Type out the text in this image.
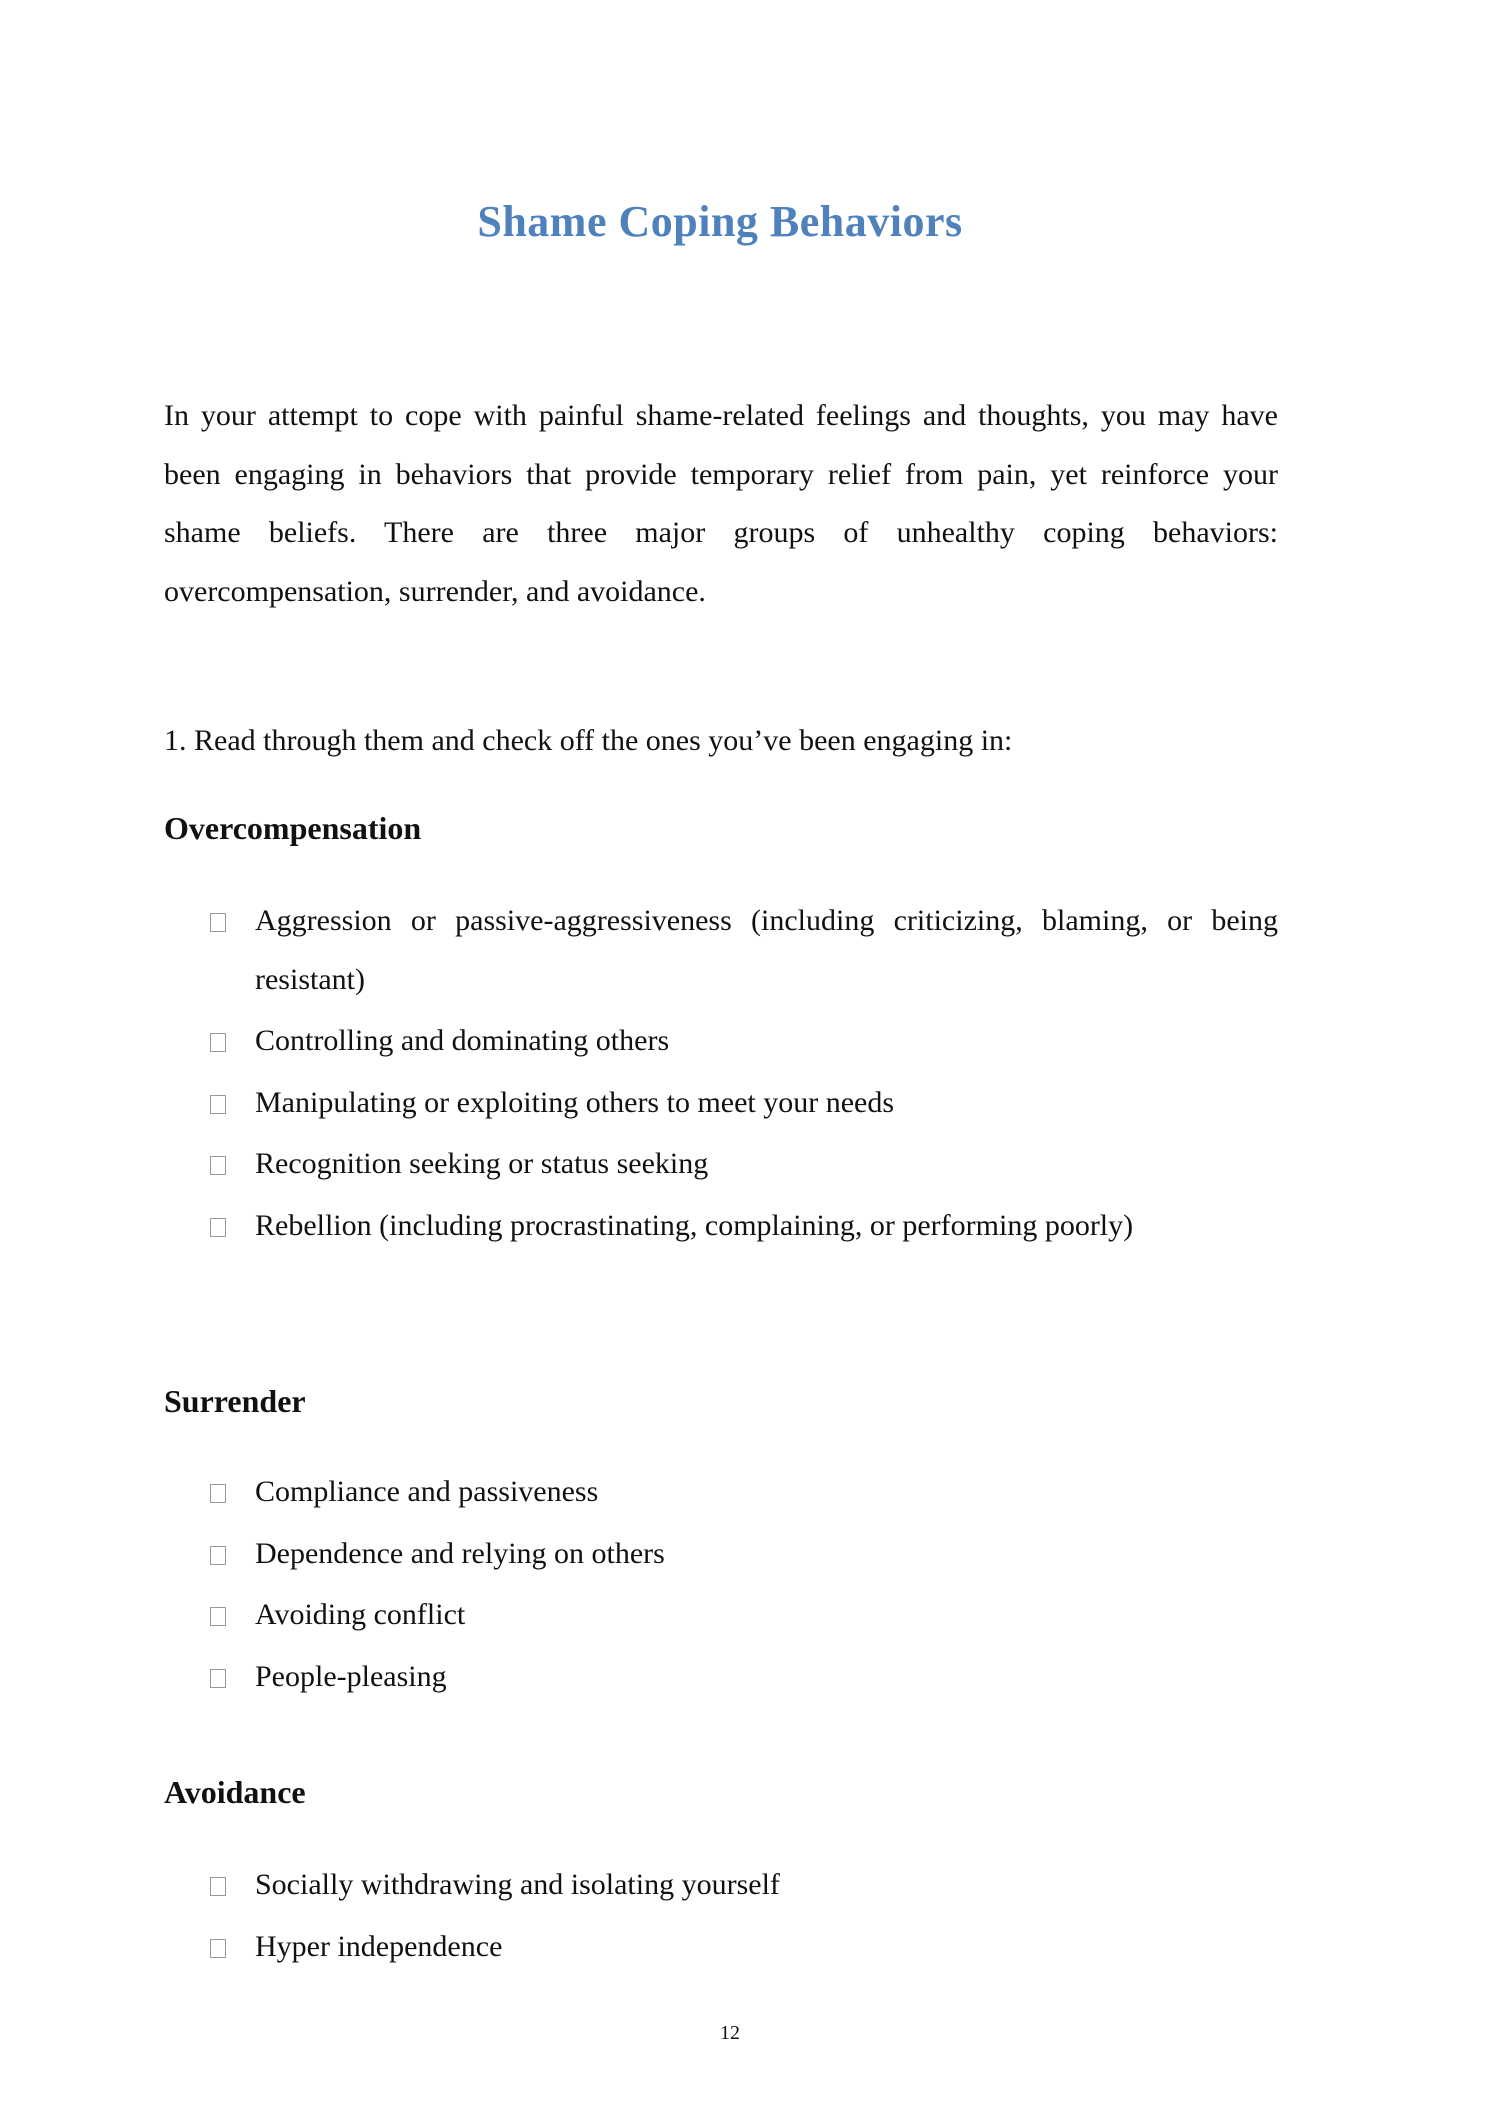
Shame Coping Behaviors
In your attempt to cope with painful shame-related feelings and thoughts, you may have been engaging in behaviors that provide temporary relief from pain, yet reinforce your shame beliefs. There are three major groups of unhealthy coping behaviors: overcompensation, surrender, and avoidance.
1. Read through them and check off the ones you’ve been engaging in:
Overcompensation
Aggression or passive-aggressiveness (including criticizing, blaming, or being resistant)
Controlling and dominating others
Manipulating or exploiting others to meet your needs
Recognition seeking or status seeking
Rebellion (including procrastinating, complaining, or performing poorly)
Surrender
Compliance and passiveness
Dependence and relying on others
Avoiding conflict
People-pleasing
Avoidance
Socially withdrawing and isolating yourself
Hyper independence
12
